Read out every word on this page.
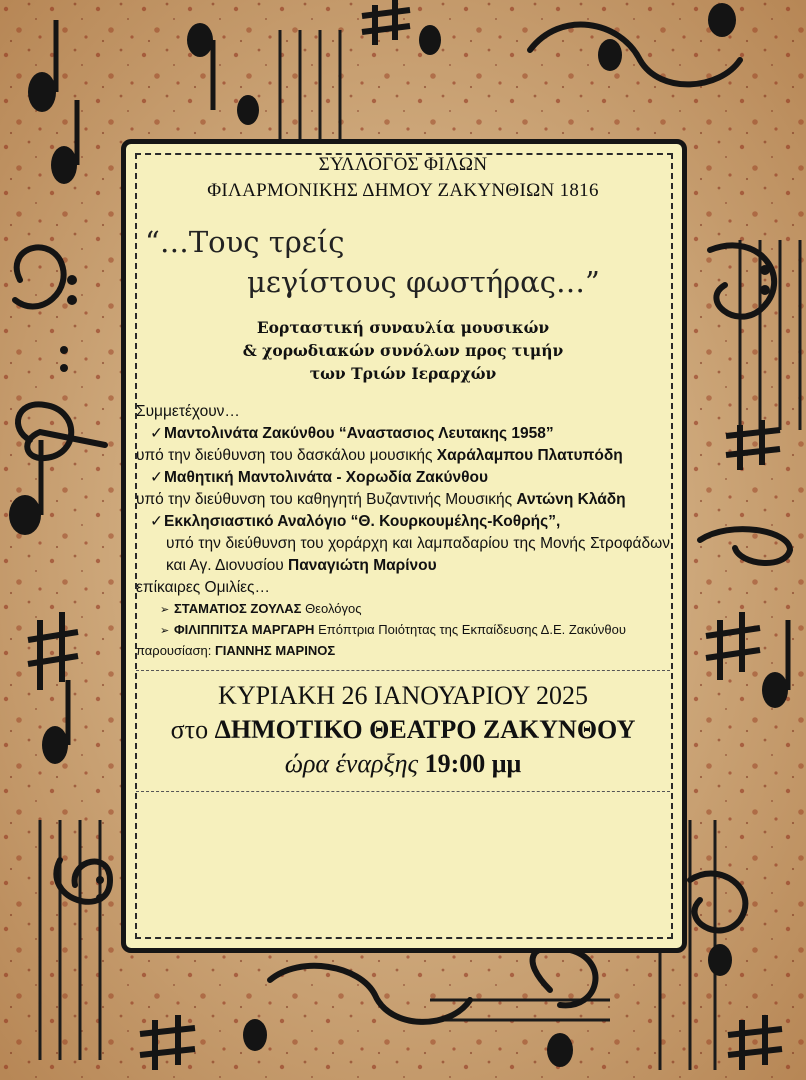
ΣΥΛΛΟΓΟΣ ΦΙΛΩΝ
ΦΙΛΑΡΜΟΝΙΚΗΣ ΔΗΜΟΥ ΖΑΚΥΝΘΙΩΝ 1816
“…Τους τρείς
μεγίστους φωστήρας…”
Εορταστική συναυλία μουσικών
& χορωδιακών συνόλων προς τιμήν
των Τριών Ιεραρχών
Συμμετέχουν…
✓Μαντολινάτα Ζακύνθου “Αναστασιος Λευτακης 1958”
υπό την διεύθυνση του δασκάλου μουσικής Χαράλαμπου Πλατυπόδη
✓Μαθητική Μαντολινάτα - Χορωδία Ζακύνθου
υπό την διεύθυνση του καθηγητή Βυζαντινής Μουσικής Αντώνη Κλάδη
✓Εκκλησιαστικό Αναλόγιο “Θ. Κουρκουμέλης-Κοθρής”,
υπό την διεύθυνση του χοράρχη και λαμπαδαρίου της Μονής Στροφάδων και Αγ. Διονυσίου Παναγιώτη Μαρίνου
επίκαιρες Ομιλίες…
➢ ΣΤΑΜΑΤΙΟΣ ΖΟΥΛΑΣ Θεολόγος
➢ ΦΙΛΙΠΠΙΤΣΑ ΜΑΡΓΑΡΗ Επόπτρια Ποιότητας της Εκπαίδευσης Δ.Ε. Ζακύνθου
παρουσίαση: ΓΙΑΝΝΗΣ ΜΑΡΙΝΟΣ
ΚΥΡΙΑΚΗ 26 ΙΑΝΟΥΑΡΙΟΥ 2025
στο ΔΗΜΟΤΙΚΟ ΘΕΑΤΡΟ ΖΑΚΥΝΘΟΥ
ώρα έναρξης 19:00 μμ
